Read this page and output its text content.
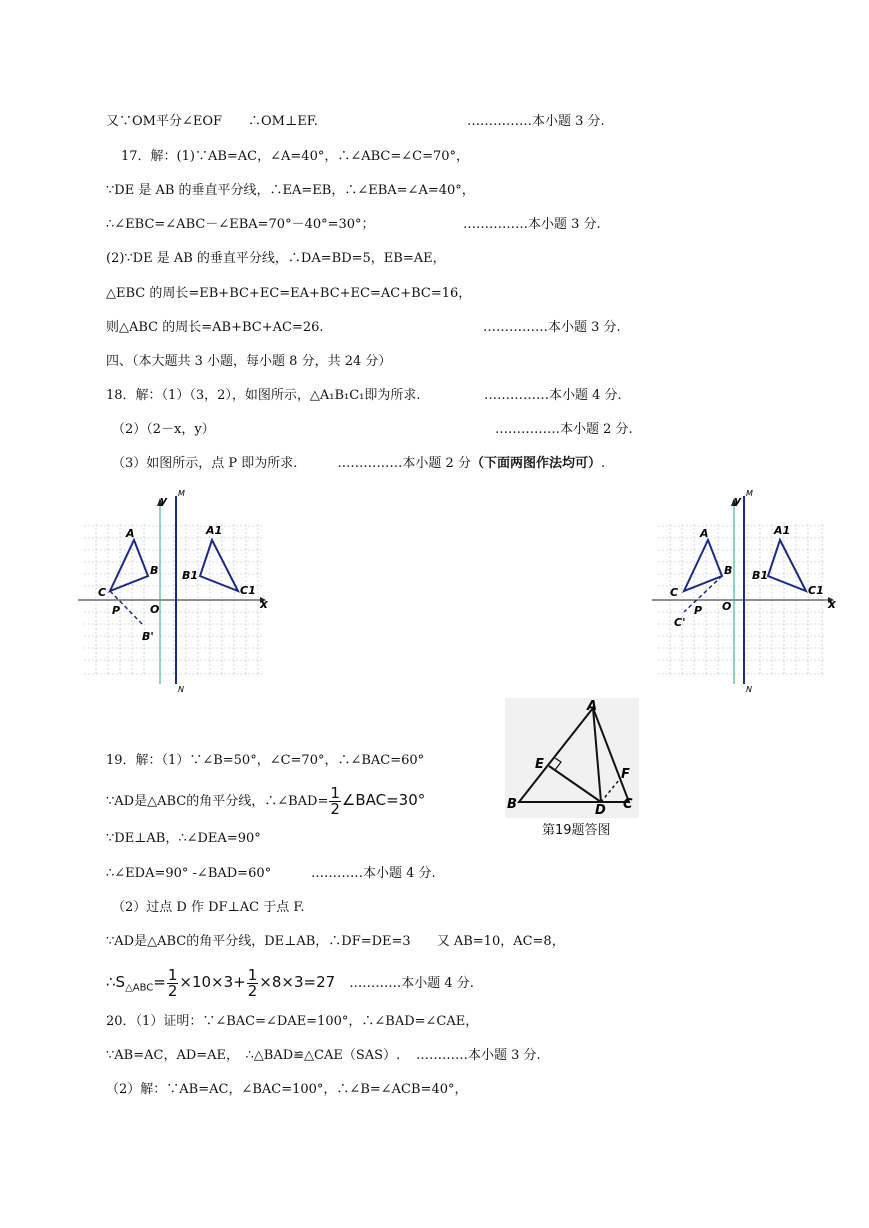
又∵OM平分∠EOF　　∴OM⊥EF.	……………本小题 3 分.
17．解：(1)∵AB=AC，∠A=40°，∴∠ABC=∠C=70°，
∵DE 是 AB 的垂直平分线，∴EA=EB，∴∠EBA=∠A=40°，
∴∠EBC=∠ABC－∠EBA=70°－40°=30°；	……………本小题 3 分.
(2)∵DE 是 AB 的垂直平分线，∴DA=BD=5，EB=AE，
△EBC 的周长=EB+BC+EC=EA+BC+EC=AC+BC=16，
则△ABC 的周长=AB+BC+AC=26.	……………本小题 3 分.
四、（本大题共 3 小题，每小题 8 分，共 24 分）
18．解：（1）（3，2），如图所示，△A₁B₁C₁即为所求.	……………本小题 4 分.
（2）（2－x，y）	……………本小题 2 分.
（3）如图所示，点 P 即为所求.	……………本小题 2 分（下面两图作法均可）.
y
M
N
x
A
B
C
A1
B1
C1
O
P
B'
y
M
N
x
A
B
C
A1
B1
C1
O
P
C'
A
B	C
D
E
F
第19题答图
19．解：（1）∵∠B=50°，∠C=70°，∴∠BAC=60°
∵AD是△ABC的角平分线，∴∠BAD= $\frac{1}{2}$ ∠BAC=30°
∵DE⊥AB，∴∠DEA=90°
∴∠EDA=90° -∠BAD=60°	…………本小题 4 分.
（2）过点 D 作 DF⊥AC 于点 F.
∵AD是△ABC的角平分线，DE⊥AB，∴DF=DE=3　　又 AB=10，AC=8，
$\therefore S_{\triangle ABC}= \frac{1}{2} \times 10\times 3+ \frac{1}{2} \times 8\times 3=27$ …………本小题 4 分.
20．（1）证明：∵∠BAC=∠DAE=100°，∴∠BAD=∠CAE，
∵AB=AC，AD=AE，　∴△BAD≌△CAE（SAS）. …………本小题 3 分.
（2）解：∵AB=AC，∠BAC=100°，∴∠B=∠ACB=40°，
